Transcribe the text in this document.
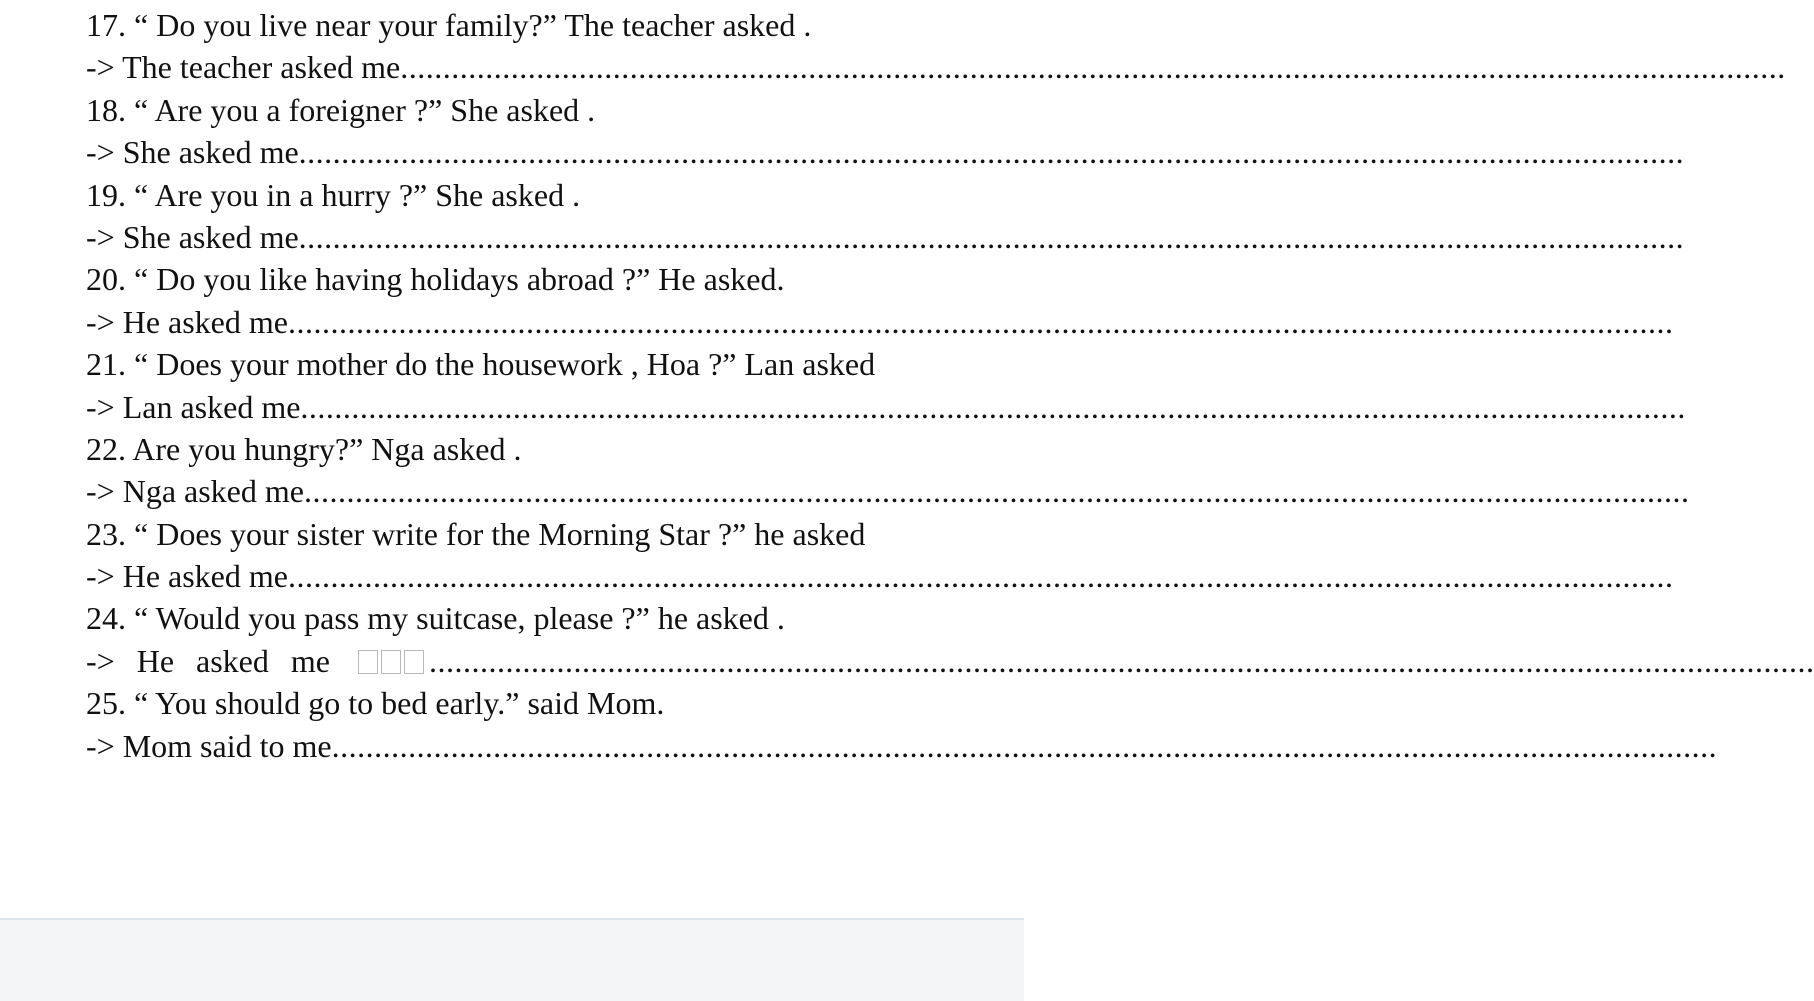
17. “ Do you live near your family?” The teacher asked .
-> The teacher asked me ...................................................................................................................................................................
18. “ Are you a foreigner ?” She asked .
-> She asked me ...................................................................................................................................................................
19. “ Are you in a hurry ?” She asked .
-> She asked me ...................................................................................................................................................................
20. “ Do you like having holidays abroad ?” He asked.
-> He asked me ...................................................................................................................................................................
21. “ Does your mother do the housework , Hoa ?” Lan asked
-> Lan asked me ...................................................................................................................................................................
22. Are you hungry?” Nga asked .
-> Nga asked me ...................................................................................................................................................................
23. “ Does your sister write for the Morning Star ?” he asked
-> He asked me ...................................................................................................................................................................
24. “ Would you pass my suitcase, please ?” he asked .
-> He asked me	...................................................................................................................................................................
25. “ You should go to bed early.” said Mom.
-> Mom said to me ...................................................................................................................................................................
